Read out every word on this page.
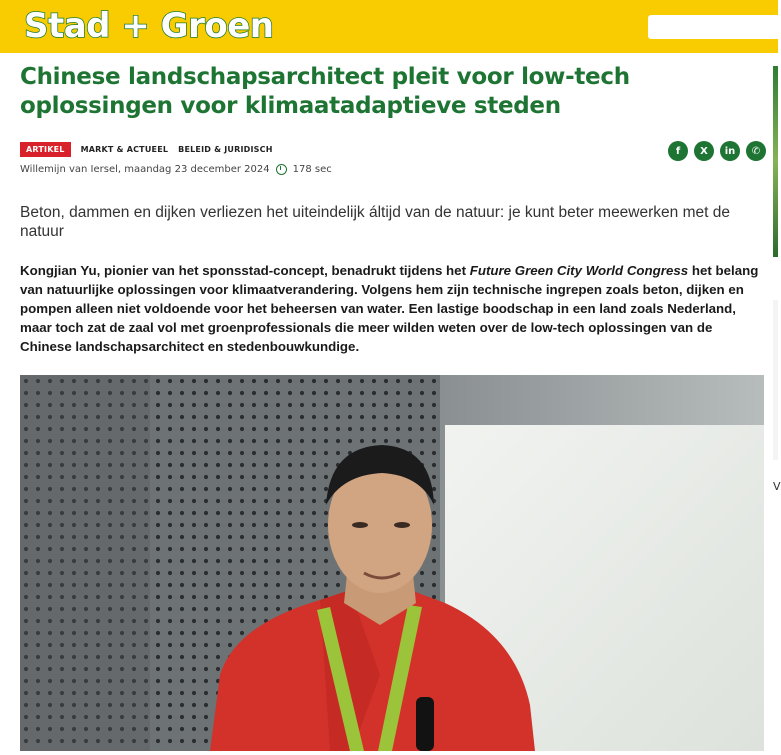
Stad + Groen
V
Chinese landschapsarchitect pleit voor low-tech oplossingen voor klimaatadaptieve steden
ARTIKEL	MARKT & ACTUEEL BELEID & JURIDISCH
Willemijn van Iersel, maandag 23 december 2024 178 sec
f	X	in	✆

Beton, dammen en dijken verliezen het uiteindelijk áltijd van de natuur: je kunt beter meewerken met de natuur

Kongjian Yu, pionier van het sponsstad-concept, benadrukt tijdens het Future Green City World Congress het belang van natuurlijke oplossingen voor klimaatverandering. Volgens hem zijn technische ingrepen zoals beton, dijken en pompen alleen niet voldoende voor het beheersen van water. Een lastige boodschap in een land zoals Nederland, maar toch zat de zaal vol met groenprofessionals die meer wilden weten over de low-tech oplossingen van de Chinese landschapsarchitect en stedenbouwkundige.
